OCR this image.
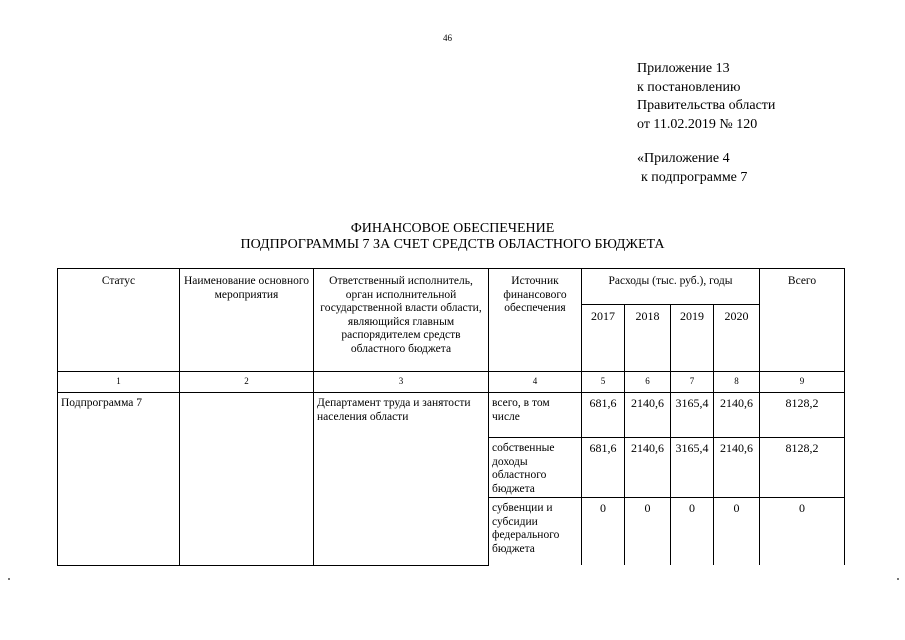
46
Приложение 13
к постановлению
Правительства области
от 11.02.2019 № 120
«Приложение 4
к подпрограмме 7
ФИНАНСОВОЕ ОБЕСПЕЧЕНИЕ
ПОДПРОГРАММЫ 7 ЗА СЧЕТ СРЕДСТВ ОБЛАСТНОГО БЮДЖЕТА
Статус	Наименование основного мероприятия	Ответственный исполнитель, орган исполнительной государственной власти области, являющийся главным распорядителем средств областного бюджета	Источник финансового обеспечения	Расходы (тыс. руб.), годы				Всего
				2017	2018	2019	2020	
1	2	3	4	5	6	7	8	9
Подпрограмма 7		Департамент труда и занятости населения области	всего, в том числе	681,6	2140,6	3165,4	2140,6	8128,2
			собственные доходы областного бюджета	681,6	2140,6	3165,4	2140,6	8128,2
			субвенции и субсидии федерального бюджета	0	0	0	0	0
